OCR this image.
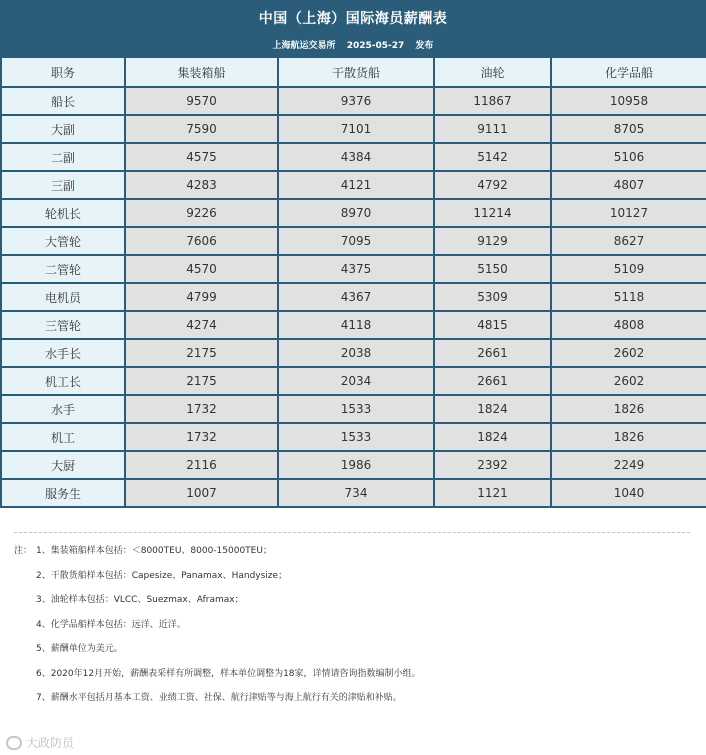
中国（上海）国际海员薪酬表
上海航运交易所 2025-05-27 发布
职务	集装箱船	干散货船	油轮	化学品船
船长	9570	9376	11867	10958
大副	7590	7101	9111	8705
二副	4575	4384	5142	5106
三副	4283	4121	4792	4807
轮机长	9226	8970	11214	10127
大管轮	7606	7095	9129	8627
二管轮	4570	4375	5150	5109
电机员	4799	4367	5309	5118
三管轮	4274	4118	4815	4808
水手长	2175	2038	2661	2602
机工长	2175	2034	2661	2602
水手	1732	1533	1824	1826
机工	1732	1533	1824	1826
大厨	2116	1986	2392	2249
服务生	1007	734	1121	1040
注： 1、集装箱船样本包括：＜8000TEU、8000-15000TEU；
2、干散货船样本包括：Capesize、Panamax、Handysize；
3、油轮样本包括：VLCC、Suezmax、Aframax；
4、化学品船样本包括：远洋、近洋。
5、薪酬单位为美元。
6、2020年12月开始，薪酬表采样有所调整，样本单位调整为18家，详情请咨询指数编制小组。
7、薪酬水平包括月基本工资、业绩工资、社保、航行津贴等与海上航行有关的津贴和补贴。
大政防员
